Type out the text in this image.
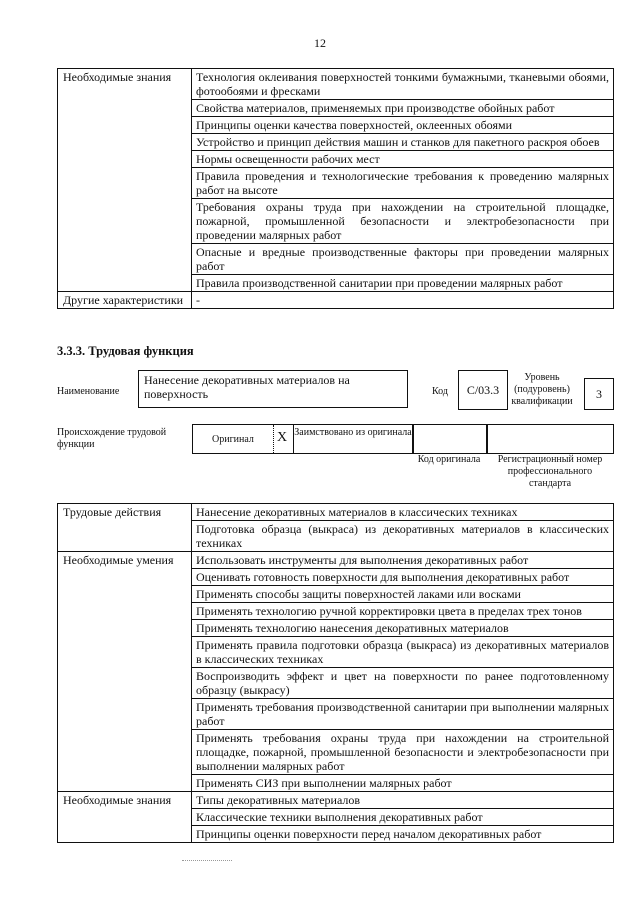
12
Необходимые знания	Технология оклеивания поверхностей тонкими бумажными, тканевыми обоями, фотообоями и фресками
	Свойства материалов, применяемых при производстве обойных работ
	Принципы оценки качества поверхностей, оклеенных обоями
	Устройство и принцип действия машин и станков для пакетного раскроя обоев
	Нормы освещенности рабочих мест
	Правила проведения и технологические требования к проведению малярных работ на высоте
	Требования охраны труда при нахождении на строительной площадке, пожарной, промышленной безопасности и электробезопасности при проведении малярных работ
	Опасные и вредные производственные факторы при проведении малярных работ
	Правила производственной санитарии при проведении малярных работ
Другие характеристики	-
3.3.3. Трудовая функция
Наименование
Нанесение декоративных материалов на поверхность	Код С/03.3
Уровень (подуровень) квалификации
3
Происхождение трудовой функции	Оригинал X Заимствовано из оригинала
Код оригинала	Регистрационный номер профессионального стандарта
Трудовые действия	Нанесение декоративных материалов в классических техниках
	Подготовка образца (выкраса) из декоративных материалов в классических техниках
Необходимые умения	Использовать инструменты для выполнения декоративных работ
	Оценивать готовность поверхности для выполнения декоративных работ
	Применять способы защиты поверхностей лаками или восками
	Применять технологию ручной корректировки цвета в пределах трех тонов
	Применять технологию нанесения декоративных материалов
	Применять правила подготовки образца (выкраса) из декоративных материалов в классических техниках
	Воспроизводить эффект и цвет на поверхности по ранее подготовленному образцу (выкрасу)
	Применять требования производственной санитарии при выполнении малярных работ
	Применять требования охраны труда при нахождении на строительной площадке, пожарной, промышленной безопасности и электробезопасности при выполнении малярных работ
	Применять СИЗ при выполнении малярных работ
Необходимые знания	Типы декоративных материалов
	Классические техники выполнения декоративных работ
	Принципы оценки поверхности перед началом декоративных работ
